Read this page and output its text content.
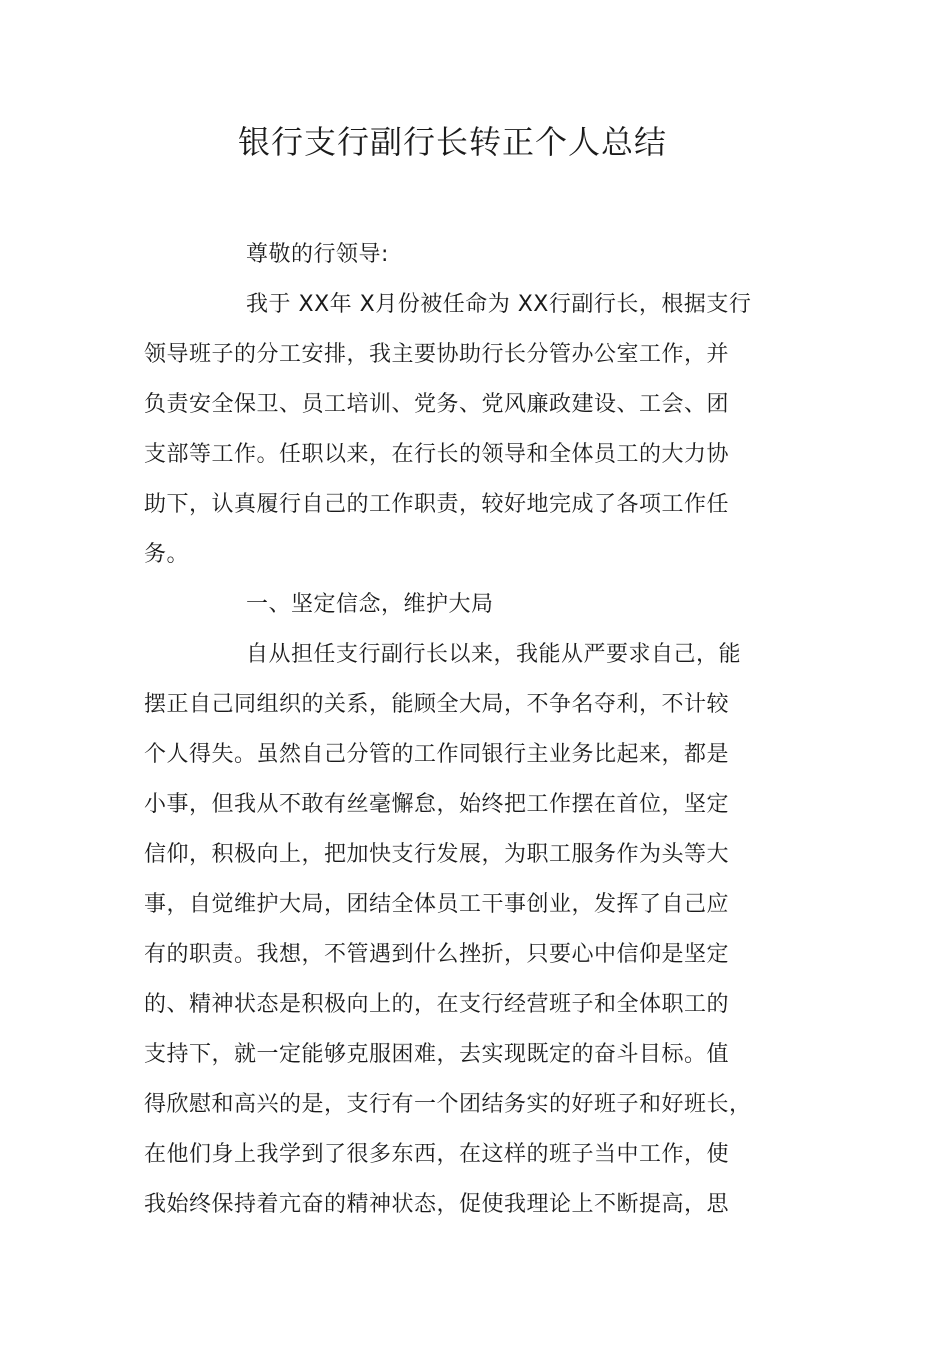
银行支行副行长转正个人总结
尊敬的行领导:
我于 XX年 X月份被任命为 XX行副行长，根据支行
领导班子的分工安排，我主要协助行长分管办公室工作，并
负责安全保卫、员工培训、党务、党风廉政建设、工会、团
支部等工作。任职以来，在行长的领导和全体员工的大力协
助下，认真履行自己的工作职责，较好地完成了各项工作任
务。
一、坚定信念，维护大局
自从担任支行副行长以来，我能从严要求自己，能
摆正自己同组织的关系，能顾全大局，不争名夺利，不计较
个人得失。虽然自己分管的工作同银行主业务比起来，都是
小事，但我从不敢有丝毫懈怠，始终把工作摆在首位，坚定
信仰，积极向上，把加快支行发展，为职工服务作为头等大
事，自觉维护大局，团结全体员工干事创业，发挥了自己应
有的职责。我想，不管遇到什么挫折，只要心中信仰是坚定
的、精神状态是积极向上的，在支行经营班子和全体职工的
支持下，就一定能够克服困难，去实现既定的奋斗目标。值
得欣慰和高兴的是，支行有一个团结务实的好班子和好班长，
在他们身上我学到了很多东西，在这样的班子当中工作，使
我始终保持着亢奋的精神状态，促使我理论上不断提高，思
